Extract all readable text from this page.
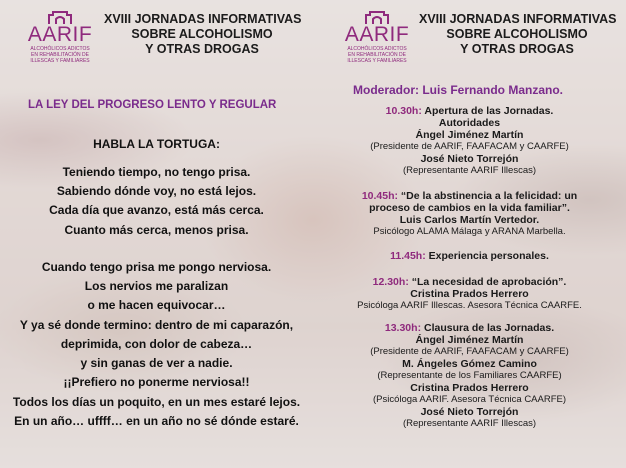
AARIF
ALCOHÓLICOS ADICTOS
EN REHABILITACIÓN DE
ILLESCAS Y FAMILIARES
XVIII JORNADAS INFORMATIVAS
SOBRE ALCOHOLISMO
Y OTRAS DROGAS
LA LEY DEL PROGRESO LENTO Y REGULAR
HABLA LA TORTUGA:
Teniendo tiempo, no tengo prisa.
Sabiendo dónde voy, no está lejos.
Cada día que avanzo, está más cerca.
Cuanto más cerca, menos prisa.
Cuando tengo prisa me pongo nerviosa.
Los nervios me paralizan
o me hacen equivocar…
Y ya sé donde termino: dentro de mi caparazón,
deprimida, con dolor de cabeza…
y sin ganas de ver a nadie.
¡¡Prefiero no ponerme nerviosa!!
Todos los días un poquito, en un mes estaré lejos.
En un año… uffff… en un año no sé dónde estaré.
AARIF
ALCOHÓLICOS ADICTOS
EN REHABILITACIÓN DE
ILLESCAS Y FAMILIARES
XVIII JORNADAS INFORMATIVAS
SOBRE ALCOHOLISMO
Y OTRAS DROGAS
Moderador: Luis Fernando Manzano.
10.30h: Apertura de las Jornadas.
Autoridades
Ángel Jiménez Martín
(Presidente de AARIF, FAAFACAM y CAARFE)
José Nieto Torrejón
(Representante AARIF Illescas)
10.45h: “De la abstinencia a la felicidad: un
proceso de cambios en la vida familiar”.
Luis Carlos Martín Vertedor.
Psicólogo ALAMA Málaga y ARANA Marbella.
11.45h: Experiencia personales.
12.30h: “La necesidad de aprobación”.
Cristina Prados Herrero
Psicóloga AARIF Illescas. Asesora Técnica CAARFE.
13.30h: Clausura de las Jornadas.
Ángel Jiménez Martín
(Presidente de AARIF, FAAFACAM y CAARFE)
M. Ángeles Gómez Camino
(Representante de los Familiares CAARFE)
Cristina Prados Herrero
(Psicóloga AARIF. Asesora Técnica CAARFE)
José Nieto Torrejón
(Representante AARIF Illescas)
